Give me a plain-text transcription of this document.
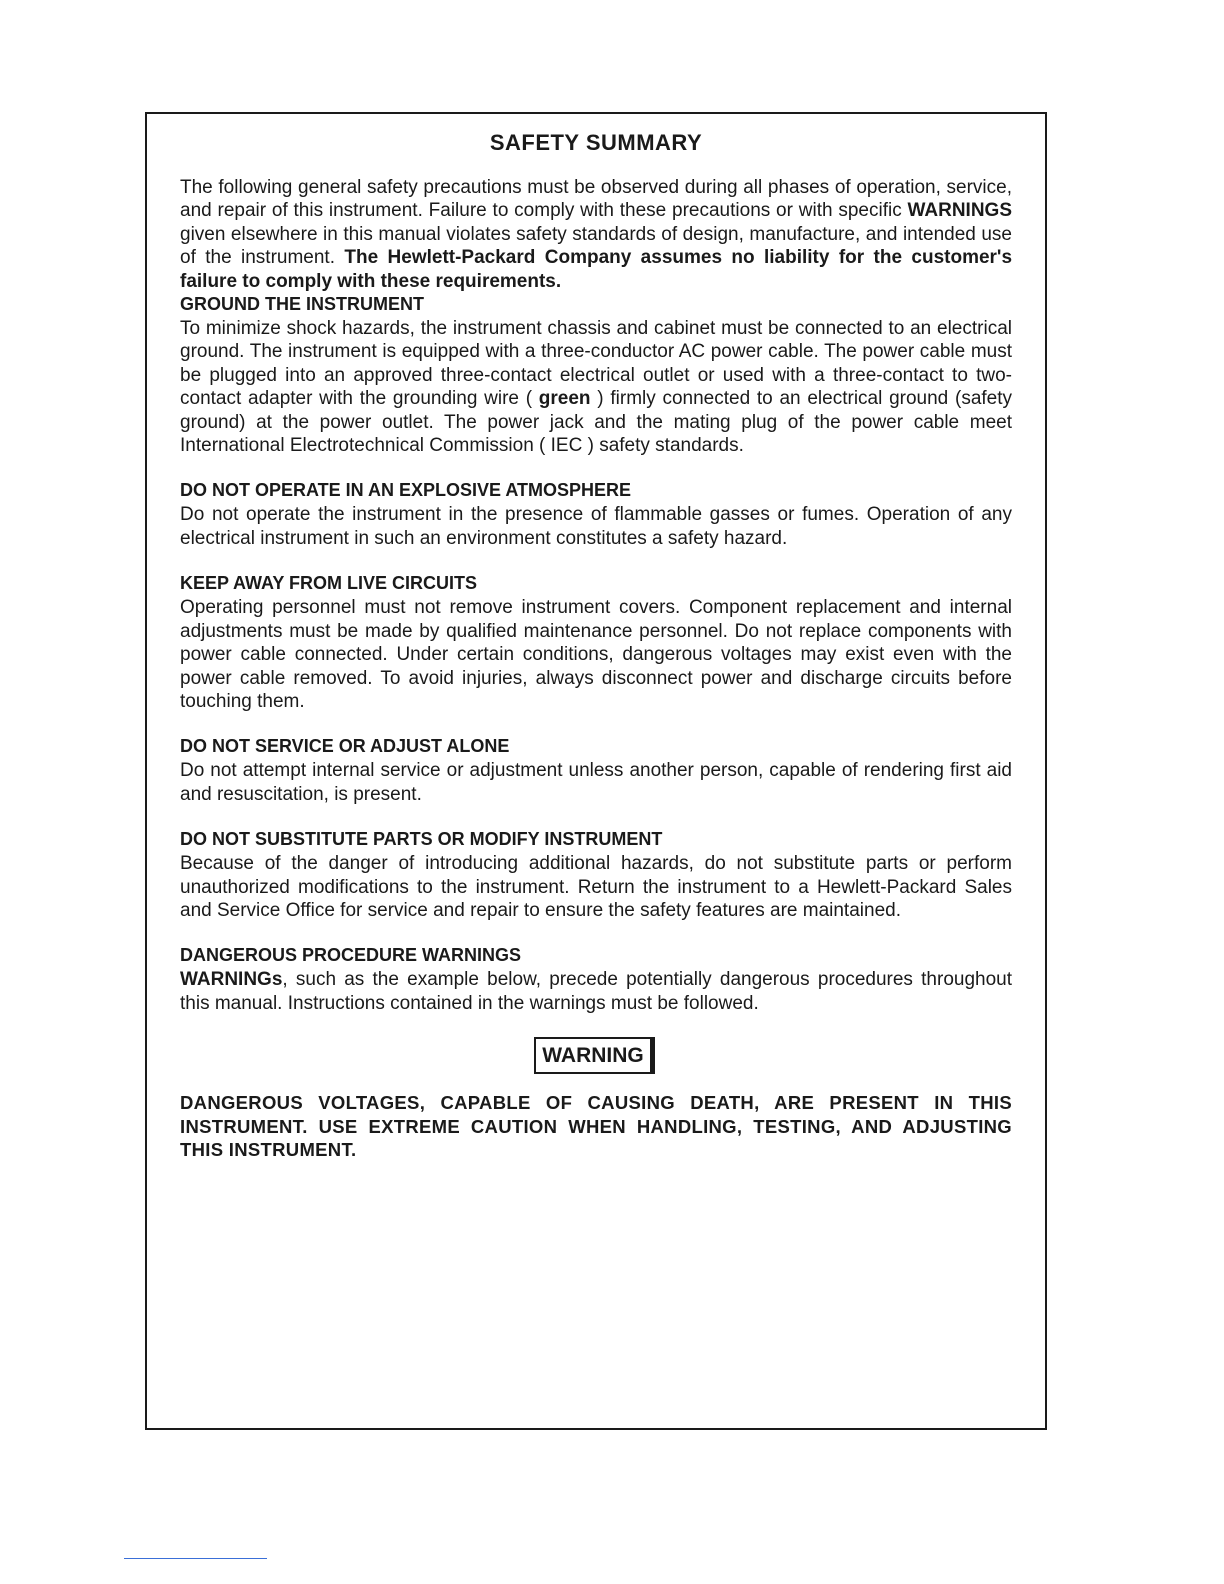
SAFETY SUMMARY

The following general safety precautions must be observed during all phases of operation, service, and repair of this instrument. Failure to comply with these precautions or with specific WARNINGS given elsewhere in this manual violates safety standards of design, manufacture, and intended use of the instrument. The Hewlett-Packard Company assumes no liability for the customer's failure to comply with these requirements.

GROUND THE INSTRUMENT

To minimize shock hazards, the instrument chassis and cabinet must be connected to an electrical ground. The instrument is equipped with a three-conductor AC power cable. The power cable must be plugged into an approved three-contact electrical outlet or used with a three-contact to two-contact adapter with the grounding wire ( green ) firmly connected to an electrical ground (safety ground) at the power outlet. The power jack and the mating plug of the power cable meet International Electrotechnical Commission ( IEC ) safety standards.

DO NOT OPERATE IN AN EXPLOSIVE ATMOSPHERE

Do not operate the instrument in the presence of flammable gasses or fumes. Operation of any electrical instrument in such an environment constitutes a safety hazard.

KEEP AWAY FROM LIVE CIRCUITS

Operating personnel must not remove instrument covers. Component replacement and internal adjustments must be made by qualified maintenance personnel. Do not replace components with power cable connected. Under certain conditions, dangerous voltages may exist even with the power cable removed. To avoid injuries, always disconnect power and discharge circuits before touching them.

DO NOT SERVICE OR ADJUST ALONE

Do not attempt internal service or adjustment unless another person, capable of rendering first aid and resuscitation, is present.

DO NOT SUBSTITUTE PARTS OR MODIFY INSTRUMENT

Because of the danger of introducing additional hazards, do not substitute parts or perform unauthorized modifications to the instrument. Return the instrument to a Hewlett-Packard Sales and Service Office for service and repair to ensure the safety features are maintained.

DANGEROUS PROCEDURE WARNINGS

WARNINGs, such as the example below, precede potentially dangerous procedures throughout this manual. Instructions contained in the warnings must be followed.

WARNING

DANGEROUS VOLTAGES, CAPABLE OF CAUSING DEATH, ARE PRESENT IN THIS INSTRUMENT. USE EXTREME CAUTION WHEN HANDLING, TESTING, AND ADJUSTING THIS INSTRUMENT.
